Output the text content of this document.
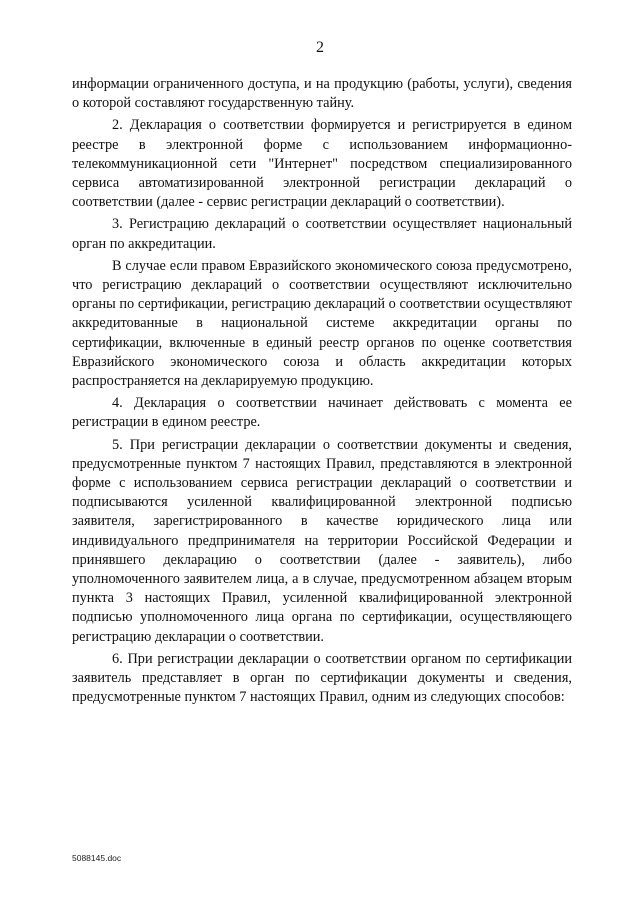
2

информации ограниченного доступа, и на продукцию (работы, услуги), сведения о которой составляют государственную тайну.

2. Декларация о соответствии формируется и регистрируется в едином реестре в электронной форме с использованием информационно-телекоммуникационной сети "Интернет" посредством специализированного сервиса автоматизированной электронной регистрации деклараций о соответствии (далее - сервис регистрации деклараций о соответствии).

3. Регистрацию деклараций о соответствии осуществляет национальный орган по аккредитации.

В случае если правом Евразийского экономического союза предусмотрено, что регистрацию деклараций о соответствии осуществляют исключительно органы по сертификации, регистрацию деклараций о соответствии осуществляют аккредитованные в национальной системе аккредитации органы по сертификации, включенные в единый реестр органов по оценке соответствия Евразийского экономического союза и область аккредитации которых распространяется на декларируемую продукцию.

4. Декларация о соответствии начинает действовать с момента ее регистрации в едином реестре.

5. При регистрации декларации о соответствии документы и сведения, предусмотренные пунктом 7 настоящих Правил, представляются в электронной форме с использованием сервиса регистрации деклараций о соответствии и подписываются усиленной квалифицированной электронной подписью заявителя, зарегистрированного в качестве юридического лица или индивидуального предпринимателя на территории Российской Федерации и принявшего декларацию о соответствии (далее - заявитель), либо уполномоченного заявителем лица, а в случае, предусмотренном абзацем вторым пункта 3 настоящих Правил, усиленной квалифицированной электронной подписью уполномоченного лица органа по сертификации, осуществляющего регистрацию декларации о соответствии.

6. При регистрации декларации о соответствии органом по сертификации заявитель представляет в орган по сертификации документы и сведения, предусмотренные пунктом 7 настоящих Правил, одним из следующих способов:

5088145.doc
